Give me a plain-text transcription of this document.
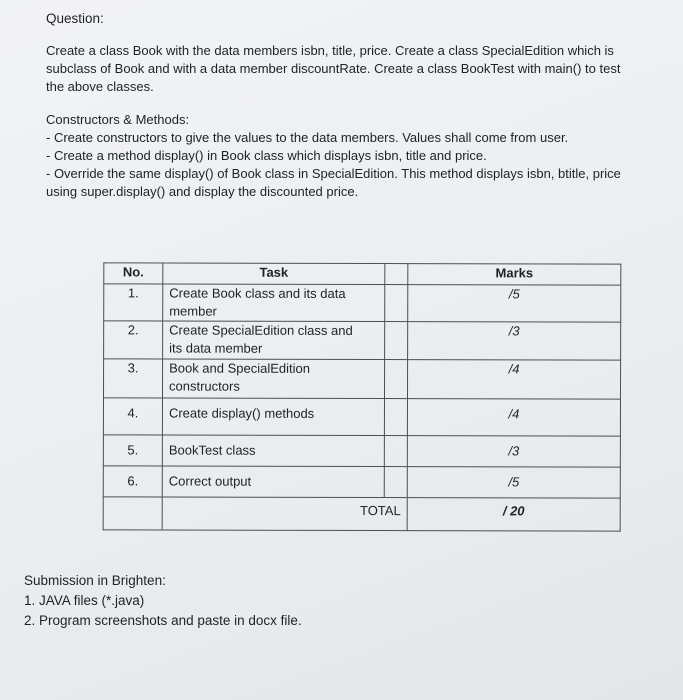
Question:
Create a class Book with the data members isbn, title, price. Create a class SpecialEdition which is
subclass of Book and with a data member discountRate. Create a class BookTest with main() to test
the above classes.
Constructors & Methods:
- Create constructors to give the values to the data members. Values shall come from user.
- Create a method display() in Book class which displays isbn, title and price.
- Override the same display() of Book class in SpecialEdition. This method displays isbn, btitle, price
using super.display() and display the discounted price.
No.	Task		Marks
1.	Create Book class and its data
member		/5
2.	Create SpecialEdition class and
its data member		/3
3.	Book and SpecialEdition
constructors		/4
4.	Create display() methods		/4
5.	BookTest class		/3
6.	Correct output		/5
	TOTAL		/ 20
Submission in Brighten:
1. JAVA files (*.java)
2. Program screenshots and paste in docx file.
